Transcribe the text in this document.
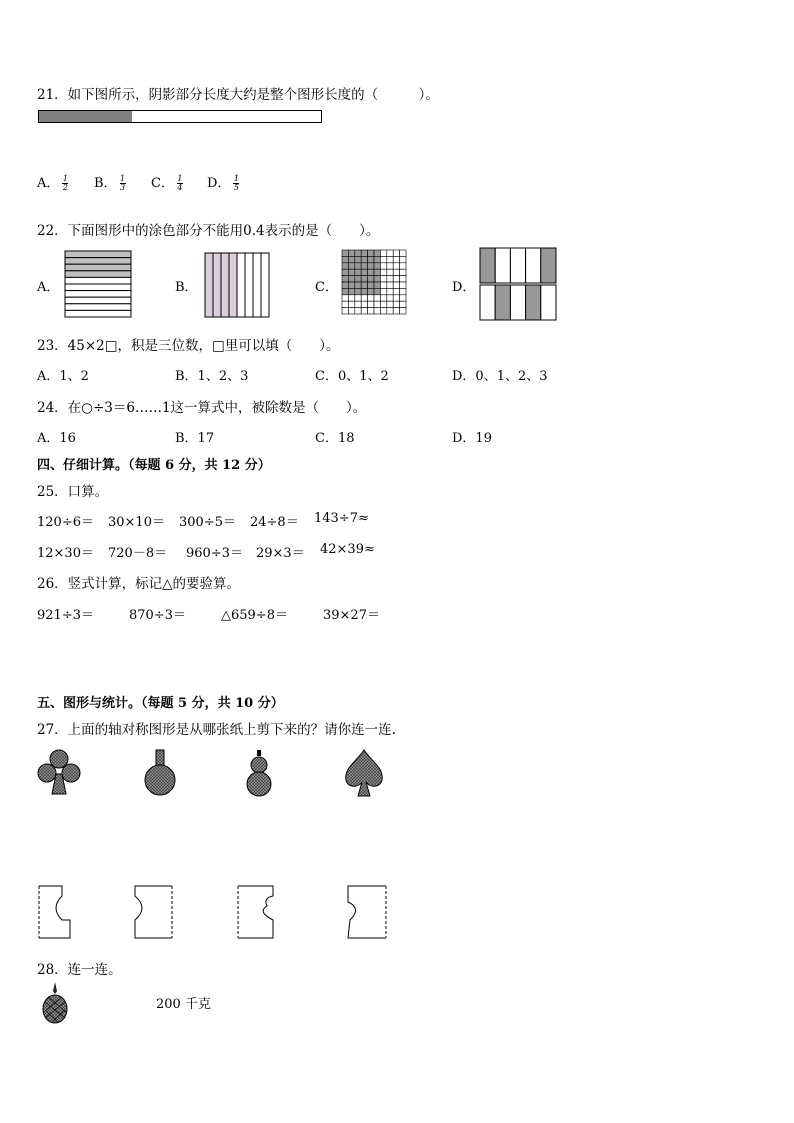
21．如下图所示，阴影部分长度大约是整个图形长度的（　　　）。
A． $\frac{1}{2}$ B． $\frac{1}{3}$ C． $\frac{1}{4}$ D． $\frac{1}{5}$
22．下面图形中的涂色部分不能用0.4表示的是（　　）。
A．	B．	C．	D．
23．45×2□，积是三位数，□里可以填（　　）。
A．1、2	B．1、2、3	C．0、1、2	D．0、1、2、3
24．在○÷3＝6……1这一算式中，被除数是（　　）。
A．16	B．17	C．18	D．19
四、仔细计算。（每题 6 分，共 12 分）
25．口算。
120÷6＝ 30×10＝ 300÷5＝ 24÷8＝ 143÷7≈
12×30＝ 720－8＝ 960÷3＝ 29×3＝ 42×39≈
26．竖式计算，标记△的要验算。
921÷3＝	870÷3＝	△659÷8＝	39×27＝
五、图形与统计。（每题 5 分，共 10 分）
27．上面的轴对称图形是从哪张纸上剪下来的？请你连一连.
28．连一连。
200 千克
